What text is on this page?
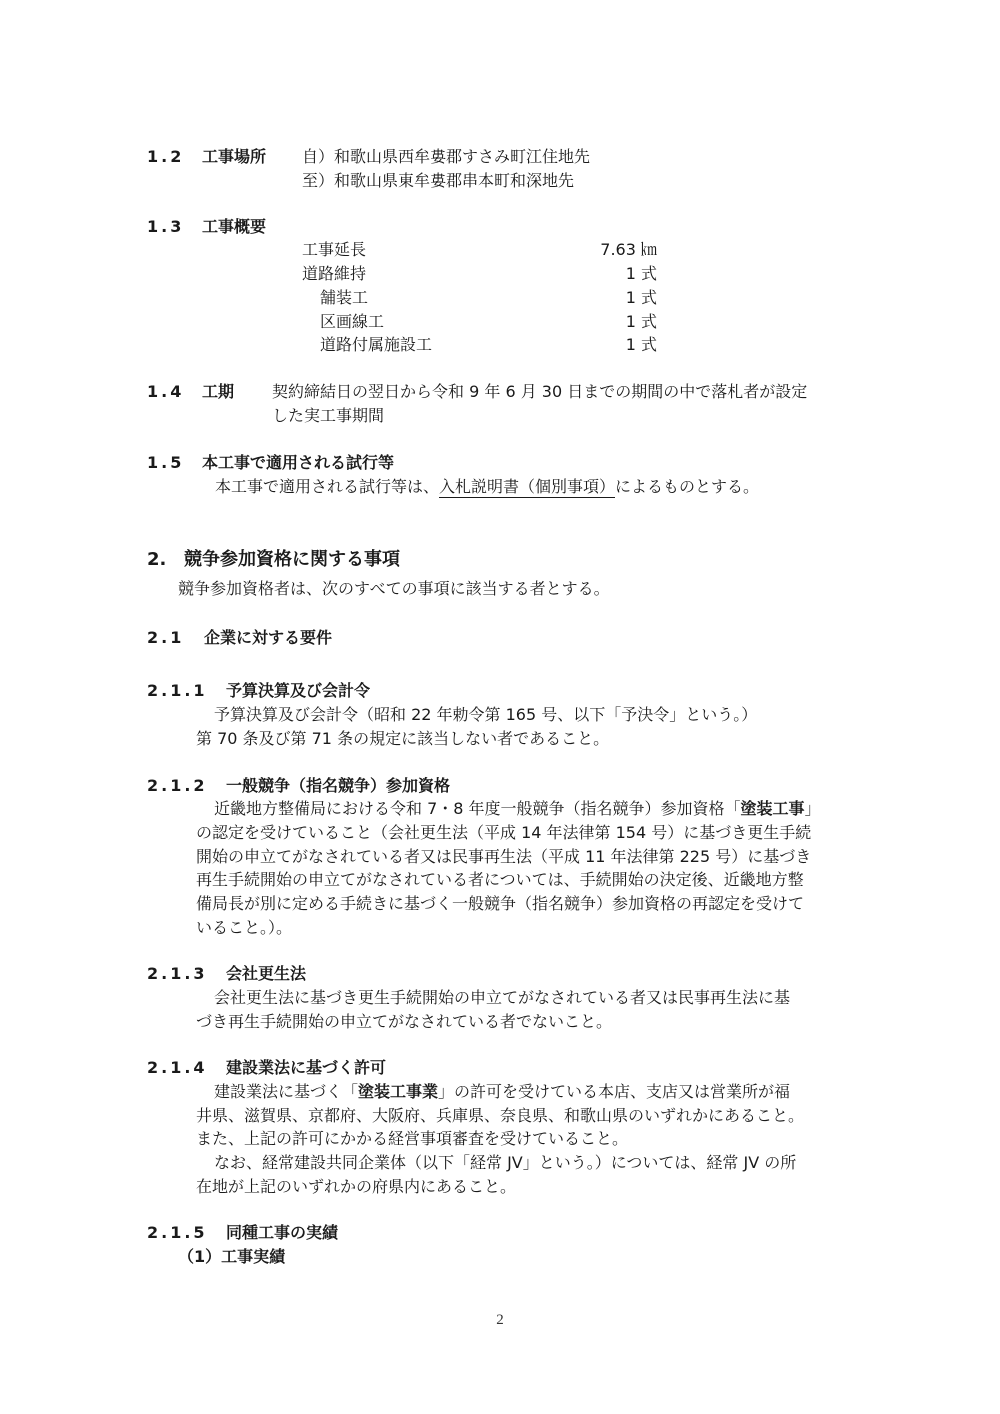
1.2 工事場所 自）和歌山県西牟婁郡すさみ町江住地先
至）和歌山県東牟婁郡串本町和深地先
1.3 工事概要
工事延長	7.63 ㎞
道路維持	1 式
舗装工	1 式
区画線工	1 式
道路付属施設工	1 式
1.4 工期 契約締結日の翌日から令和 9 年 6 月 30 日までの期間の中で落札者が設定
した実工事期間
1.5 本工事で適用される試行等
本工事で適用される試行等は、入札説明書（個別事項）によるものとする。
2. 競争参加資格に関する事項
競争参加資格者は、次のすべての事項に該当する者とする。
2.1 企業に対する要件
2.1.1 予算決算及び会計令
予算決算及び会計令（昭和 22 年勅令第 165 号、以下「予決令」という。）
第 70 条及び第 71 条の規定に該当しない者であること。
2.1.2 一般競争（指名競争）参加資格
近畿地方整備局における令和 7・8 年度一般競争（指名競争）参加資格「塗装工事」
の認定を受けていること（会社更生法（平成 14 年法律第 154 号）に基づき更生手続
開始の申立てがなされている者又は民事再生法（平成 11 年法律第 225 号）に基づき
再生手続開始の申立てがなされている者については、手続開始の決定後、近畿地方整
備局長が別に定める手続きに基づく一般競争（指名競争）参加資格の再認定を受けて
いること。）。
2.1.3 会社更生法
会社更生法に基づき更生手続開始の申立てがなされている者又は民事再生法に基
づき再生手続開始の申立てがなされている者でないこと。
2.1.4 建設業法に基づく許可
建設業法に基づく「塗装工事業」の許可を受けている本店、支店又は営業所が福
井県、滋賀県、京都府、大阪府、兵庫県、奈良県、和歌山県のいずれかにあること。
また、上記の許可にかかる経営事項審査を受けていること。
なお、経常建設共同企業体（以下「経常 JV」という。）については、経常 JV の所
在地が上記のいずれかの府県内にあること。
2.1.5 同種工事の実績
（1）工事実績
2
